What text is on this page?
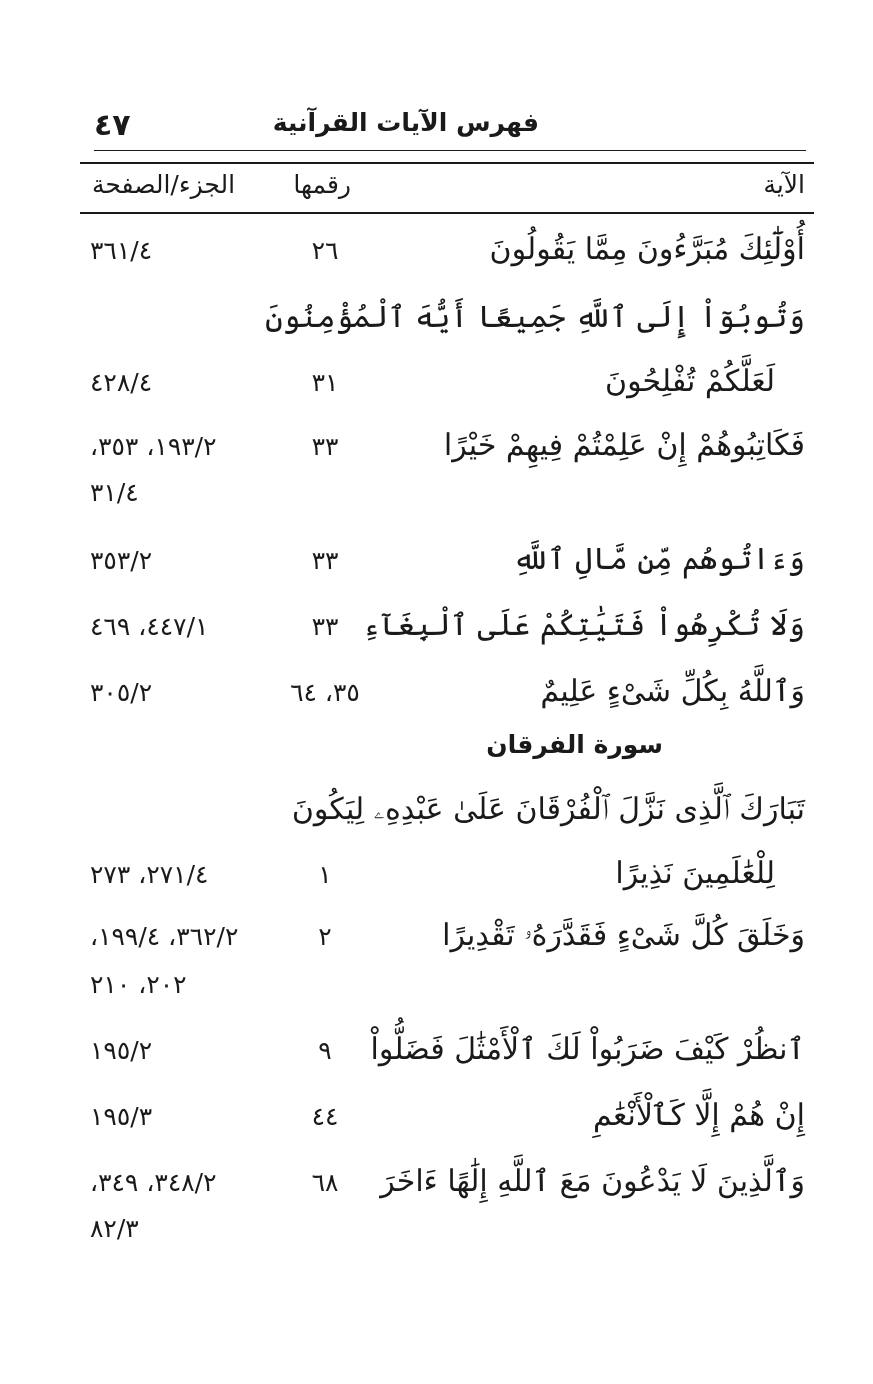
٤٧	فهرس الآيات القرآنية
الآية
رقمها
الجزء/الصفحة
أُوْلَٰٓئِكَ مُبَرَّءُونَ مِمَّا يَقُولُونَ
٢٦
٣٦١/٤
وَتُوبُوٓاْ إِلَى ٱللَّهِ جَمِيعًا أَيُّهَ ٱلْمُؤْمِنُونَ
لَعَلَّكُمْ تُفْلِحُونَ
٣١
٤٢٨/٤
فَكَاتِبُوهُمْ إِنْ عَلِمْتُمْ فِيهِمْ خَيْرًا
٣٣
١٩٣/٢، ٣٥٣،
٣١/٤
وَءَاتُوهُم مِّن مَّالِ ٱللَّهِ
٣٣
٣٥٣/٢
وَلَا تُكْرِهُواْ فَتَيَٰتِكُمْ عَلَى ٱلْبِغَآءِ
٣٣
٤٤٧/١، ٤٦٩
وَٱللَّهُ بِكُلِّ شَىْءٍ عَلِيمٌ
٣٥، ٦٤
٣٠٥/٢
سورة الفرقان
تَبَارَكَ ٱلَّذِى نَزَّلَ ٱلْفُرْقَانَ عَلَىٰ عَبْدِهِۦ لِيَكُونَ
لِلْعَٰلَمِينَ نَذِيرًا
١
٢٧١/٤، ٢٧٣
وَخَلَقَ كُلَّ شَىْءٍ فَقَدَّرَهُۥ تَقْدِيرًا
٢
٣٦٢/٢، ١٩٩/٤،
٢٠٢، ٢١٠
ٱنظُرْ كَيْفَ ضَرَبُواْ لَكَ ٱلْأَمْثَٰلَ فَضَلُّواْ
٩
١٩٥/٢
إِنْ هُمْ إِلَّا كَٱلْأَنْعَٰمِ
٤٤
١٩٥/٣
وَٱلَّذِينَ لَا يَدْعُونَ مَعَ ٱللَّهِ إِلَٰهًا ءَاخَرَ
٦٨
٣٤٨/٢، ٣٤٩،
٨٢/٣
